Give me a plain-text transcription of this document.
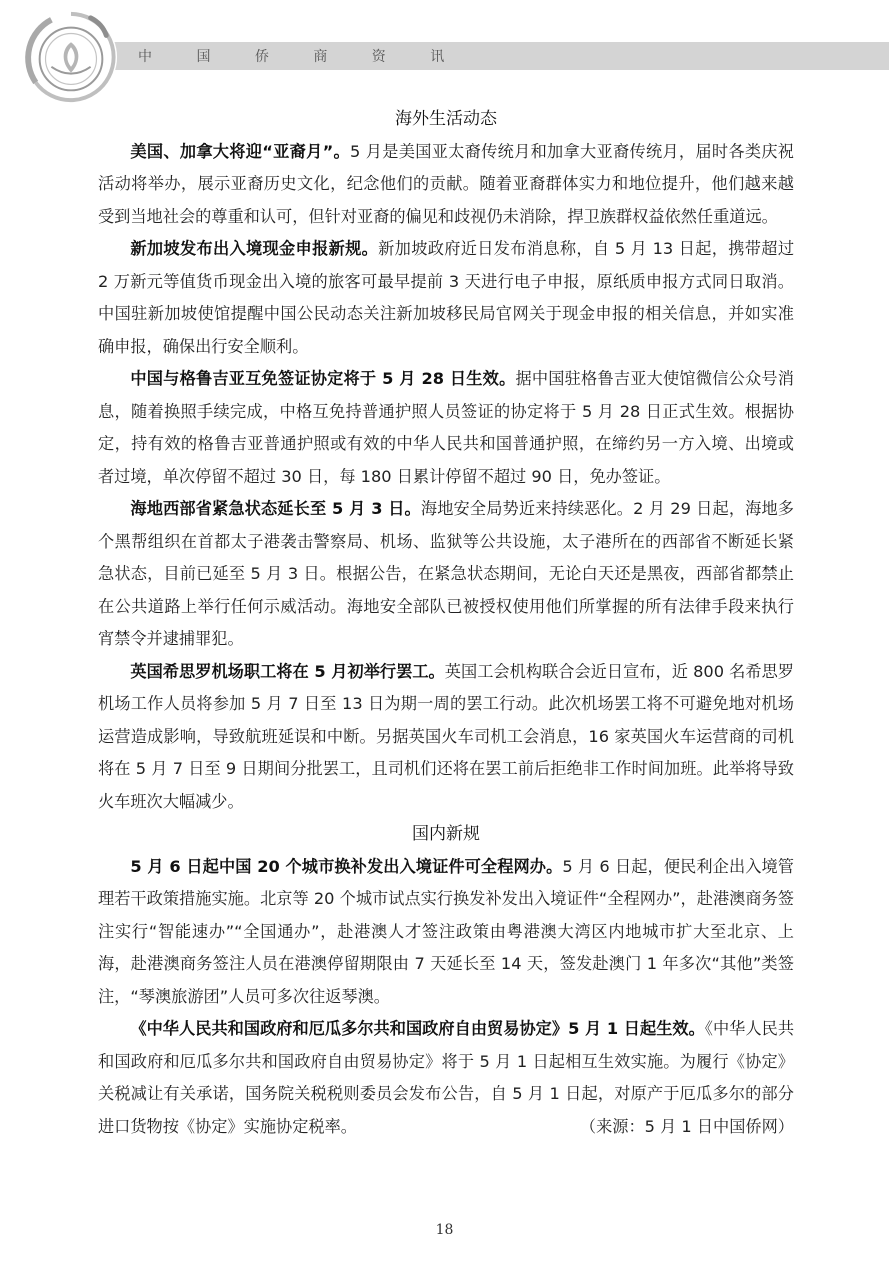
中 国 侨 商 资 讯
海外生活动态

美国、加拿大将迎“亚裔月”。5 月是美国亚太裔传统月和加拿大亚裔传统月，届时各类庆祝活动将举办，展示亚裔历史文化，纪念他们的贡献。随着亚裔群体实力和地位提升，他们越来越受到当地社会的尊重和认可，但针对亚裔的偏见和歧视仍未消除，捍卫族群权益依然任重道远。

新加坡发布出入境现金申报新规。新加坡政府近日发布消息称，自 5 月 13 日起，携带超过 2 万新元等值货币现金出入境的旅客可最早提前 3 天进行电子申报，原纸质申报方式同日取消。中国驻新加坡使馆提醒中国公民动态关注新加坡移民局官网关于现金申报的相关信息，并如实准确申报，确保出行安全顺利。

中国与格鲁吉亚互免签证协定将于 5 月 28 日生效。据中国驻格鲁吉亚大使馆微信公众号消息，随着换照手续完成，中格互免持普通护照人员签证的协定将于 5 月 28 日正式生效。根据协定，持有效的格鲁吉亚普通护照或有效的中华人民共和国普通护照，在缔约另一方入境、出境或者过境，单次停留不超过 30 日，每 180 日累计停留不超过 90 日，免办签证。

海地西部省紧急状态延长至 5 月 3 日。海地安全局势近来持续恶化。2 月 29 日起，海地多个黑帮组织在首都太子港袭击警察局、机场、监狱等公共设施，太子港所在的西部省不断延长紧急状态，目前已延至 5 月 3 日。根据公告，在紧急状态期间，无论白天还是黑夜，西部省都禁止在公共道路上举行任何示威活动。海地安全部队已被授权使用他们所掌握的所有法律手段来执行宵禁令并逮捕罪犯。

英国希思罗机场职工将在 5 月初举行罢工。英国工会机构联合会近日宣布，近 800 名希思罗机场工作人员将参加 5 月 7 日至 13 日为期一周的罢工行动。此次机场罢工将不可避免地对机场运营造成影响，导致航班延误和中断。另据英国火车司机工会消息，16 家英国火车运营商的司机将在 5 月 7 日至 9 日期间分批罢工，且司机们还将在罢工前后拒绝非工作时间加班。此举将导致火车班次大幅减少。

国内新规

5 月 6 日起中国 20 个城市换补发出入境证件可全程网办。5 月 6 日起，便民利企出入境管理若干政策措施实施。北京等 20 个城市试点实行换发补发出入境证件“全程网办”，赴港澳商务签注实行“智能速办”“全国通办”，赴港澳人才签注政策由粤港澳大湾区内地城市扩大至北京、上海，赴港澳商务签注人员在港澳停留期限由 7 天延长至 14 天，签发赴澳门 1 年多次“其他”类签注，“琴澳旅游团”人员可多次往返琴澳。

《中华人民共和国政府和厄瓜多尔共和国政府自由贸易协定》5 月 1 日起生效。《中华人民共和国政府和厄瓜多尔共和国政府自由贸易协定》将于 5 月 1 日起相互生效实施。为履行《协定》关税减让有关承诺，国务院关税税则委员会发布公告，自 5 月 1 日起，对原产于厄瓜多尔的部分进口货物按《协定》实施协定税率。	（来源：5 月 1 日中国侨网）

18
